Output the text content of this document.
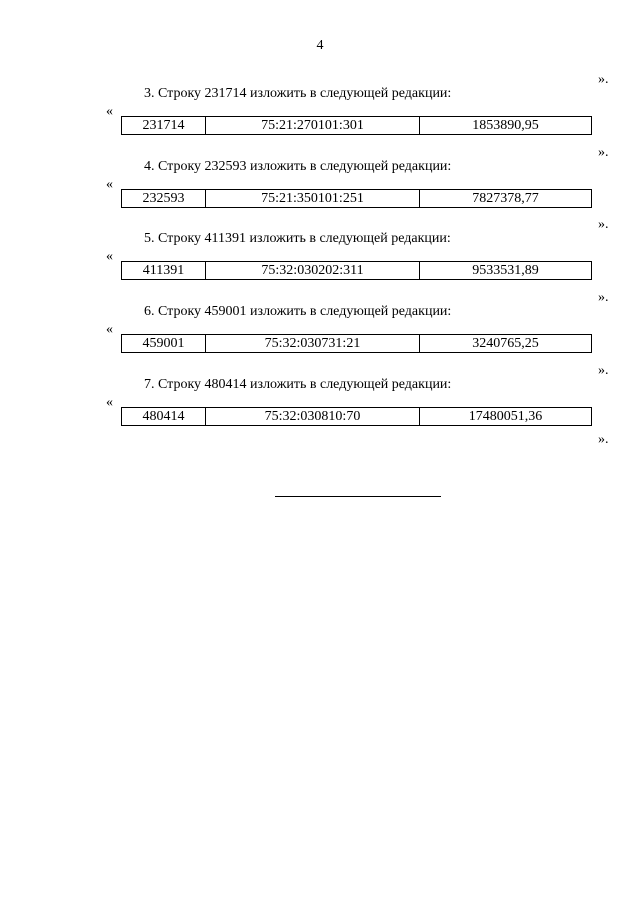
4
».
3. Строку 231714 изложить в следующей редакции:
«
231714	75:21:270101:301	1853890,95
».
4. Строку 232593 изложить в следующей редакции:
«
232593	75:21:350101:251	7827378,77
».
5. Строку 411391 изложить в следующей редакции:
«
411391	75:32:030202:311	9533531,89
».
6. Строку 459001 изложить в следующей редакции:
«
459001	75:32:030731:21	3240765,25
».
7. Строку 480414 изложить в следующей редакции:
«
480414	75:32:030810:70	17480051,36
».
